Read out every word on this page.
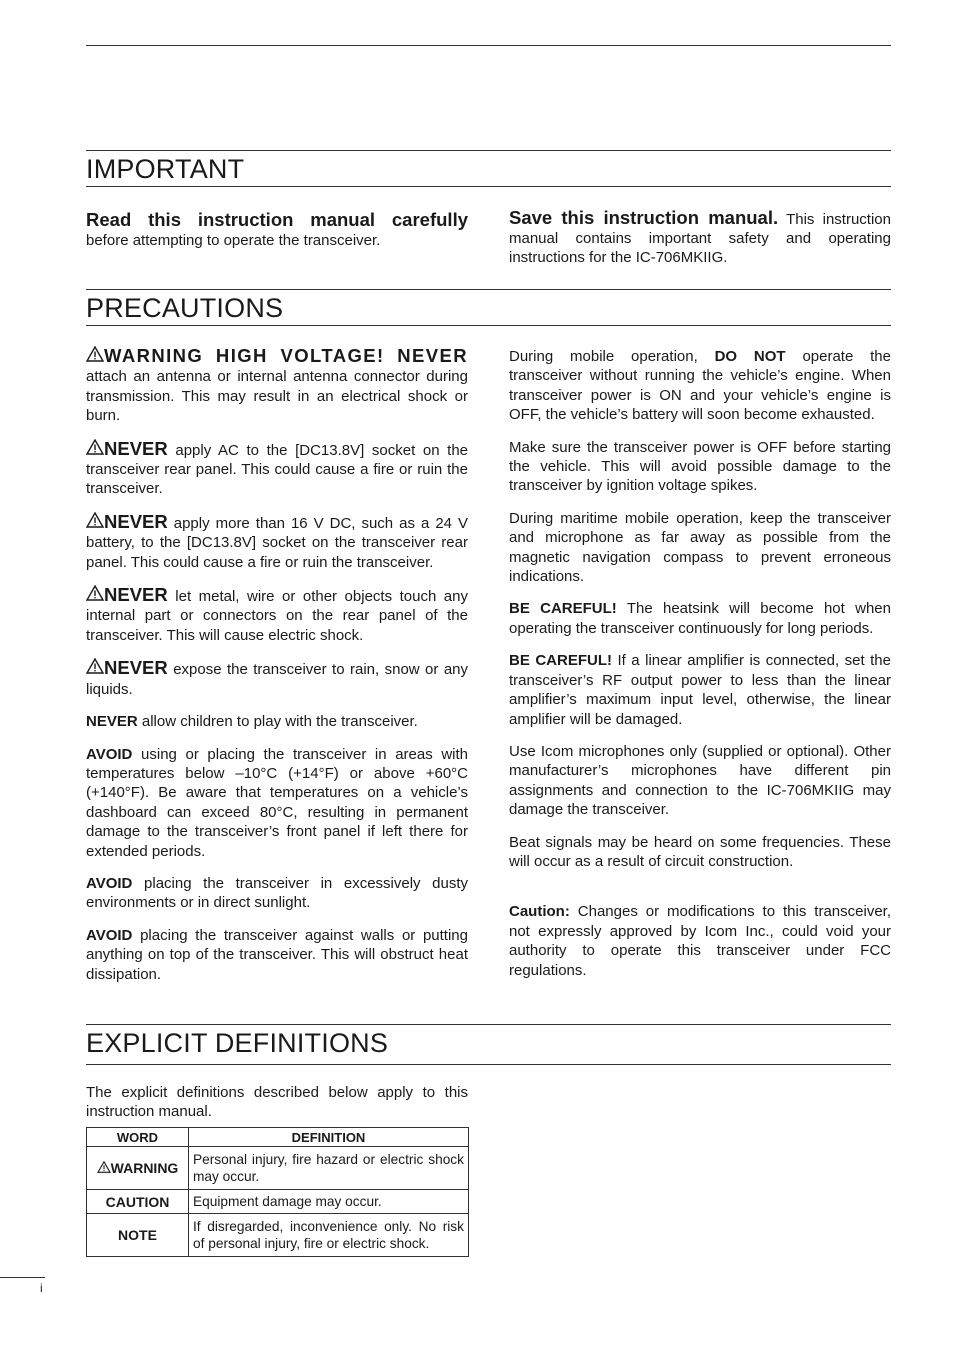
IMPORTANT

Read this instruction manual carefully
before attempting to operate the transceiver.

Save this instruction manual. This instruction manual contains important safety and operating instructions for the IC-706MKIIG.

PRECAUTIONS

WARNING HIGH VOLTAGE! NEVER attach an antenna or internal antenna connector during transmission. This may result in an electrical shock or burn.

NEVER apply AC to the [DC13.8V] socket on the transceiver rear panel. This could cause a fire or ruin the transceiver.

NEVER apply more than 16 V DC, such as a 24 V battery, to the [DC13.8V] socket on the transceiver rear panel. This could cause a fire or ruin the transceiver.

NEVER let metal, wire or other objects touch any internal part or connectors on the rear panel of the transceiver. This will cause electric shock.

NEVER expose the transceiver to rain, snow or any liquids.

NEVER allow children to play with the transceiver.

AVOID using or placing the transceiver in areas with temperatures below –10°C (+14°F) or above +60°C (+140°F). Be aware that temperatures on a vehicle’s dashboard can exceed 80°C, resulting in permanent damage to the transceiver’s front panel if left there for extended periods.

AVOID placing the transceiver in excessively dusty environments or in direct sunlight.

AVOID placing the transceiver against walls or putting anything on top of the transceiver. This will obstruct heat dissipation.

During mobile operation, DO NOT operate the transceiver without running the vehicle’s engine. When transceiver power is ON and your vehicle’s engine is OFF, the vehicle’s battery will soon become exhausted.

Make sure the transceiver power is OFF before starting the vehicle. This will avoid possible damage to the transceiver by ignition voltage spikes.

During maritime mobile operation, keep the transceiver and microphone as far away as possible from the magnetic navigation compass to prevent erroneous indications.

BE CAREFUL! The heatsink will become hot when operating the transceiver continuously for long periods.

BE CAREFUL! If a linear amplifier is connected, set the transceiver’s RF output power to less than the linear amplifier’s maximum input level, otherwise, the linear amplifier will be damaged.

Use Icom microphones only (supplied or optional). Other manufacturer’s microphones have different pin assignments and connection to the IC-706MKIIG may damage the transceiver.

Beat signals may be heard on some frequencies. These will occur as a result of circuit construction.

Caution: Changes or modifications to this transceiver, not expressly approved by Icom Inc., could void your authority to operate this transceiver under FCC regulations.

EXPLICIT DEFINITIONS

The explicit definitions described below apply to this instruction manual.

WORD	DEFINITION

WARNING	Personal injury, fire hazard or electric shock may occur.
CAUTION	Equipment damage may occur.
NOTE	If disregarded, inconvenience only. No risk of personal injury, fire or electric shock.
i
